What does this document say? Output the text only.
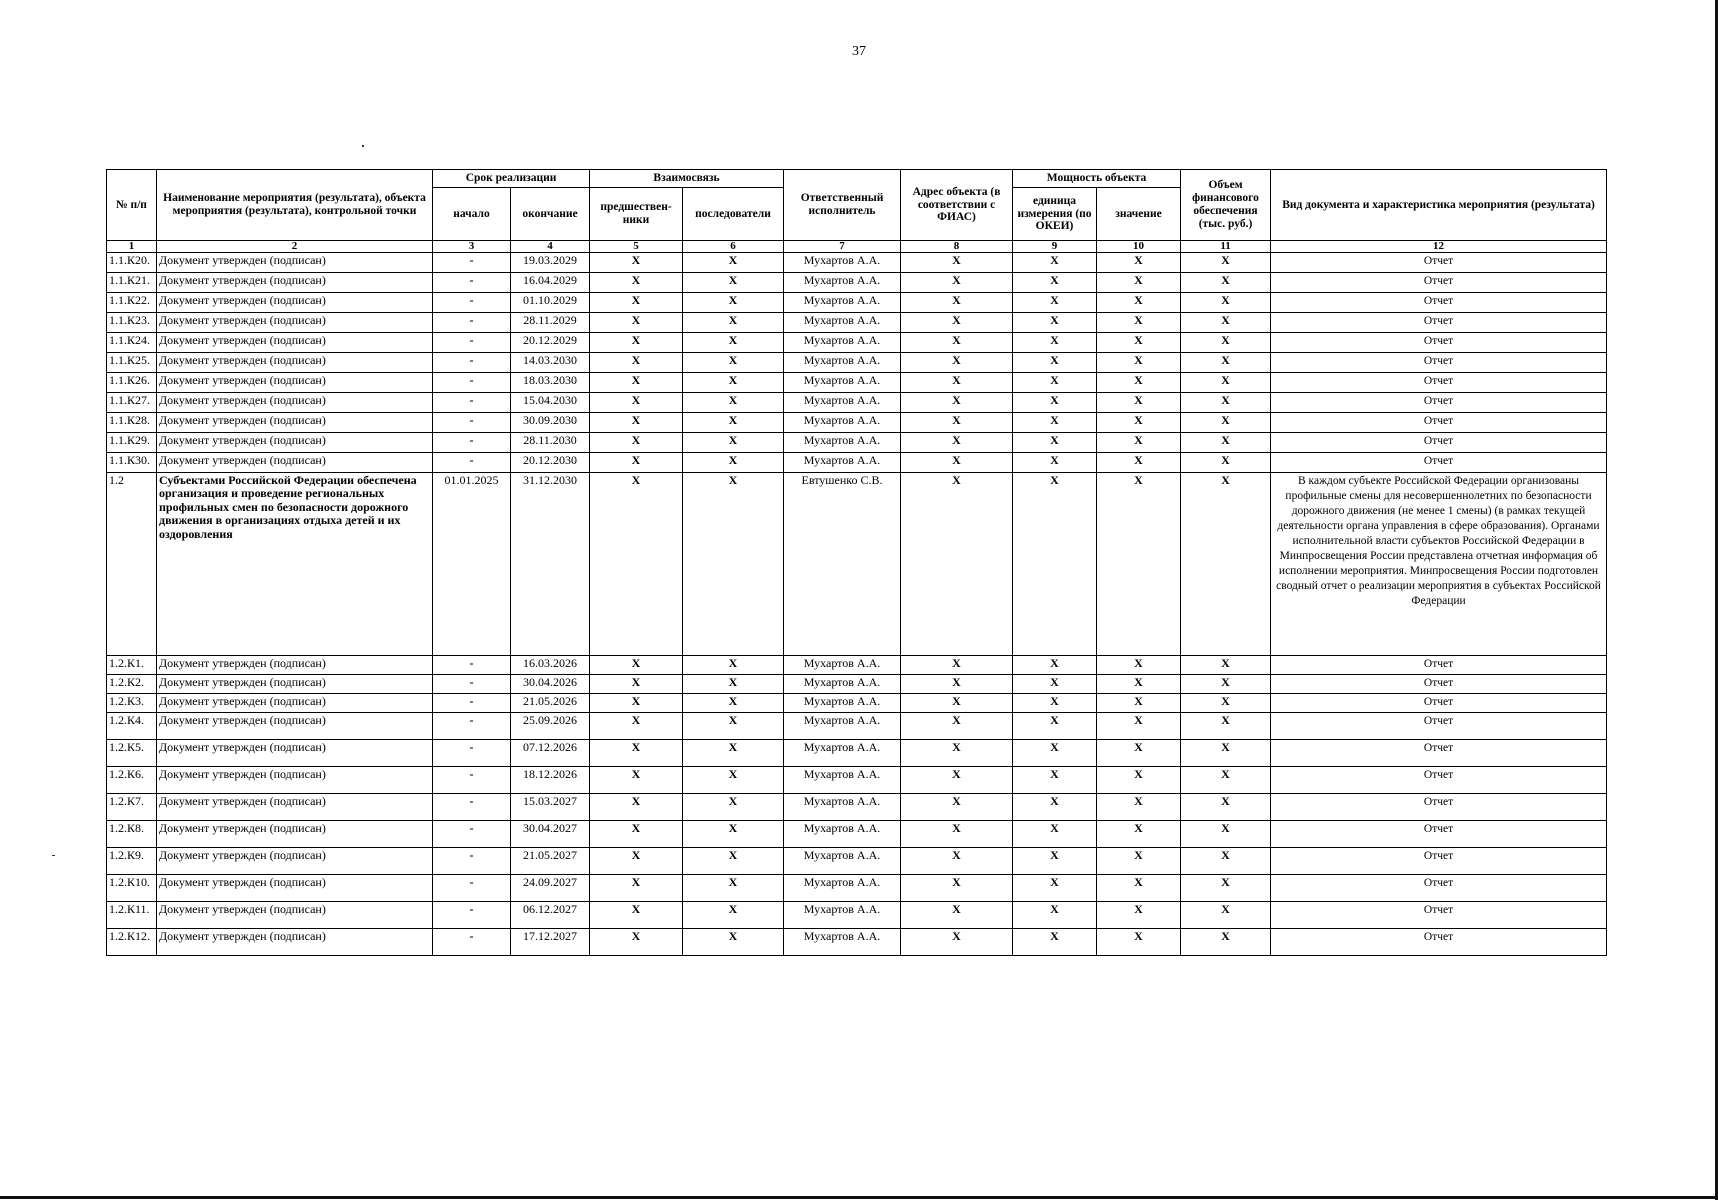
37
№ п/п	Наименование мероприятия (результата), объекта мероприятия (результата), контрольной точки	Срок реализации		Взаимосвязь		Ответственный исполнитель	Адрес объекта (в соответствии с ФИАС)	Мощность объекта		Объем финансового обеспечения (тыс. руб.)	Вид документа и характеристика мероприятия (результата)
		начало	окончание	предшествен-ники	последователи			единица измерения (по ОКЕИ)	значение		
1	2	3	4	5	6	7	8	9	10	11	12
1.1.К20.	Документ утвержден (подписан)	-	19.03.2029	X	X	Мухартов А.А.	X	X	X	X	Отчет
1.1.К21.	Документ утвержден (подписан)	-	16.04.2029	X	X	Мухартов А.А.	X	X	X	X	Отчет
1.1.К22.	Документ утвержден (подписан)	-	01.10.2029	X	X	Мухартов А.А.	X	X	X	X	Отчет
1.1.К23.	Документ утвержден (подписан)	-	28.11.2029	X	X	Мухартов А.А.	X	X	X	X	Отчет
1.1.К24.	Документ утвержден (подписан)	-	20.12.2029	X	X	Мухартов А.А.	X	X	X	X	Отчет
1.1.К25.	Документ утвержден (подписан)	-	14.03.2030	X	X	Мухартов А.А.	X	X	X	X	Отчет
1.1.К26.	Документ утвержден (подписан)	-	18.03.2030	X	X	Мухартов А.А.	X	X	X	X	Отчет
1.1.К27.	Документ утвержден (подписан)	-	15.04.2030	X	X	Мухартов А.А.	X	X	X	X	Отчет
1.1.К28.	Документ утвержден (подписан)	-	30.09.2030	X	X	Мухартов А.А.	X	X	X	X	Отчет
1.1.К29.	Документ утвержден (подписан)	-	28.11.2030	X	X	Мухартов А.А.	X	X	X	X	Отчет
1.1.К30.	Документ утвержден (подписан)	-	20.12.2030	X	X	Мухартов А.А.	X	X	X	X	Отчет
1.2	Субъектами Российской Федерации обеспечена организация и проведение региональных профильных смен по безопасности дорожного движения в организациях отдыха детей и их оздоровления	01.01.2025	31.12.2030	X	X	Евтушенко С.В.	X	X	X	X	В каждом субъекте Российской Федерации организованы профильные смены для несовершеннолетних по безопасности дорожного движения (не менее 1 смены) (в рамках текущей деятельности органа управления в сфере образования). Органами исполнительной власти субъектов Российской Федерации в Минпросвещения России представлена отчетная информация об исполнении мероприятия. Минпросвещения России подготовлен сводный отчет о реализации мероприятия в субъектах Российской Федерации
1.2.К1.	Документ утвержден (подписан)	-	16.03.2026	X	X	Мухартов А.А.	X	X	X	X	Отчет
1.2.К2.	Документ утвержден (подписан)	-	30.04.2026	X	X	Мухартов А.А.	X	X	X	X	Отчет
1.2.К3.	Документ утвержден (подписан)	-	21.05.2026	X	X	Мухартов А.А.	X	X	X	X	Отчет
1.2.К4.	Документ утвержден (подписан)	-	25.09.2026	X	X	Мухартов А.А.	X	X	X	X	Отчет
1.2.К5.	Документ утвержден (подписан)	-	07.12.2026	X	X	Мухартов А.А.	X	X	X	X	Отчет
1.2.К6.	Документ утвержден (подписан)	-	18.12.2026	X	X	Мухартов А.А.	X	X	X	X	Отчет
1.2.К7.	Документ утвержден (подписан)	-	15.03.2027	X	X	Мухартов А.А.	X	X	X	X	Отчет
1.2.К8.	Документ утвержден (подписан)	-	30.04.2027	X	X	Мухартов А.А.	X	X	X	X	Отчет
1.2.К9.	Документ утвержден (подписан)	-	21.05.2027	X	X	Мухартов А.А.	X	X	X	X	Отчет
1.2.К10.	Документ утвержден (подписан)	-	24.09.2027	X	X	Мухартов А.А.	X	X	X	X	Отчет
1.2.К11.	Документ утвержден (подписан)	-	06.12.2027	X	X	Мухартов А.А.	X	X	X	X	Отчет
1.2.К12.	Документ утвержден (подписан)	-	17.12.2027	X	X	Мухартов А.А.	X	X	X	X	Отчет
